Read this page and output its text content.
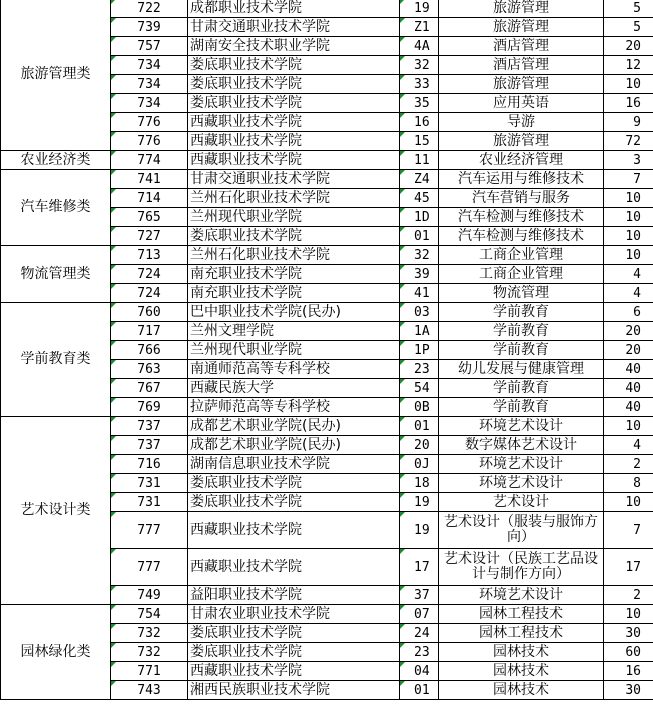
旅游管理类	722	成都职业技术学院	19	旅游管理	5
	739	甘肃交通职业技术学院	Z1	旅游管理	5
	757	湖南安全技术职业学院	4A	酒店管理	20
	734	娄底职业技术学院	32	酒店管理	12
	734	娄底职业技术学院	33	旅游管理	10
	734	娄底职业技术学院	35	应用英语	16
	776	西藏职业技术学院	16	导游	9
	776	西藏职业技术学院	15	旅游管理	72
农业经济类	774	西藏职业技术学院	11	农业经济管理	3
汽车维修类	741	甘肃交通职业技术学院	Z4	汽车运用与维修技术	7
	714	兰州石化职业技术学院	45	汽车营销与服务	10
	765	兰州现代职业学院	1D	汽车检测与维修技术	10
	727	娄底职业技术学院	01	汽车检测与维修技术	10
物流管理类	713	兰州石化职业技术学院	32	工商企业管理	10
	724	南充职业技术学院	39	工商企业管理	4
	724	南充职业技术学院	41	物流管理	4
学前教育类	760	巴中职业技术学院(民办)	03	学前教育	6
	717	兰州文理学院	1A	学前教育	20
	766	兰州现代职业学院	1P	学前教育	20
	763	南通师范高等专科学校	23	幼儿发展与健康管理	40
	767	西藏民族大学	54	学前教育	40
	769	拉萨师范高等专科学校	0B	学前教育	40
艺术设计类	737	成都艺术职业学院(民办)	01	环境艺术设计	10
	737	成都艺术职业学院(民办)	20	数字媒体艺术设计	4
	716	湖南信息职业技术学院	0J	环境艺术设计	2
	731	娄底职业技术学院	18	环境艺术设计	8
	731	娄底职业技术学院	19	艺术设计	10
	777	西藏职业技术学院	19	艺术设计（服装与服饰方向）	7
	777	西藏职业技术学院	17	艺术设计（民族工艺品设计与制作方向）	17
	749	益阳职业技术学院	37	环境艺术设计	2
园林绿化类	754	甘肃农业职业技术学院	07	园林工程技术	10
	732	娄底职业技术学院	24	园林工程技术	30
	732	娄底职业技术学院	23	园林技术	60
	771	西藏职业技术学院	04	园林技术	16
	743	湘西民族职业技术学院	01	园林技术	30
